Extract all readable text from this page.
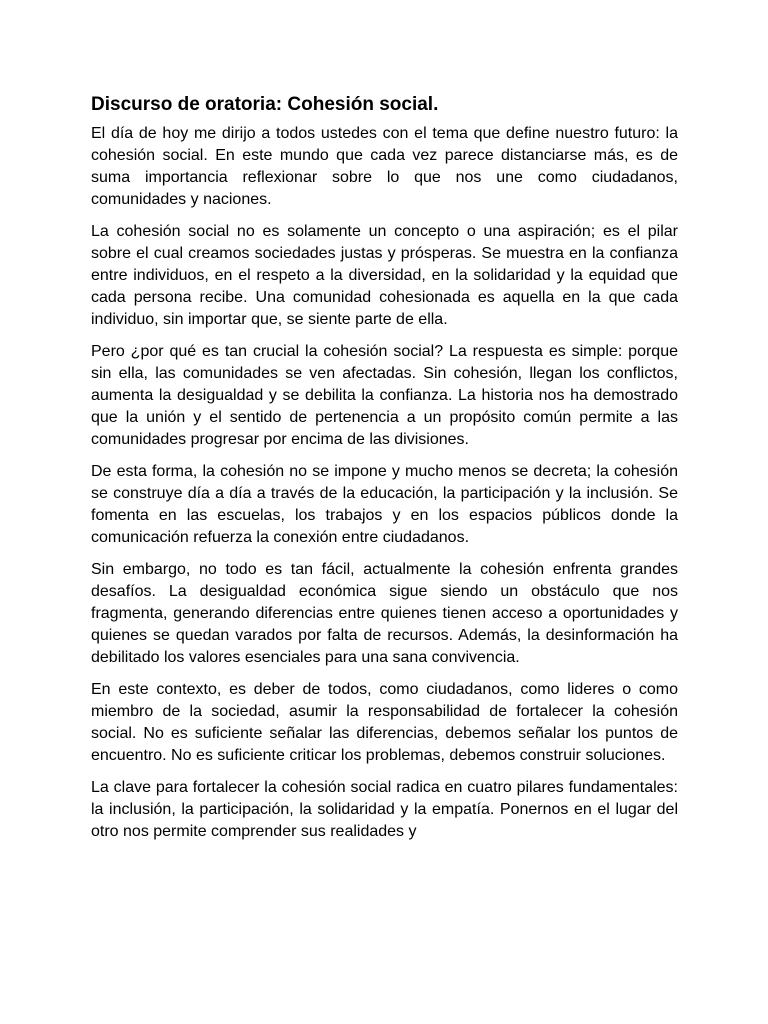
Discurso de oratoria: Cohesión social.

El día de hoy me dirijo a todos ustedes con el tema que define nuestro futuro: la cohesión social. En este mundo que cada vez parece distanciarse más, es de suma importancia reflexionar sobre lo que nos une como ciudadanos, comunidades y naciones.

La cohesión social no es solamente un concepto o una aspiración; es el pilar sobre el cual creamos sociedades justas y prósperas. Se muestra en la confianza entre individuos, en el respeto a la diversidad, en la solidaridad y la equidad que cada persona recibe. Una comunidad cohesionada es aquella en la que cada individuo, sin importar que, se siente parte de ella.

Pero ¿por qué es tan crucial la cohesión social? La respuesta es simple: porque sin ella, las comunidades se ven afectadas. Sin cohesión, llegan los conflictos, aumenta la desigualdad y se debilita la confianza. La historia nos ha demostrado que la unión y el sentido de pertenencia a un propósito común permite a las comunidades progresar por encima de las divisiones.

De esta forma, la cohesión no se impone y mucho menos se decreta; la cohesión se construye día a día a través de la educación, la participación y la inclusión. Se fomenta en las escuelas, los trabajos y en los espacios públicos donde la comunicación refuerza la conexión entre ciudadanos.

Sin embargo, no todo es tan fácil, actualmente la cohesión enfrenta grandes desafíos. La desigualdad económica sigue siendo un obstáculo que nos fragmenta, generando diferencias entre quienes tienen acceso a oportunidades y quienes se quedan varados por falta de recursos. Además, la desinformación ha debilitado los valores esenciales para una sana convivencia.

En este contexto, es deber de todos, como ciudadanos, como lideres o como miembro de la sociedad, asumir la responsabilidad de fortalecer la cohesión social. No es suficiente señalar las diferencias, debemos señalar los puntos de encuentro. No es suficiente criticar los problemas, debemos construir soluciones.

La clave para fortalecer la cohesión social radica en cuatro pilares fundamentales: la inclusión, la participación, la solidaridad y la empatía. Ponernos en el lugar del otro nos permite comprender sus realidades y
